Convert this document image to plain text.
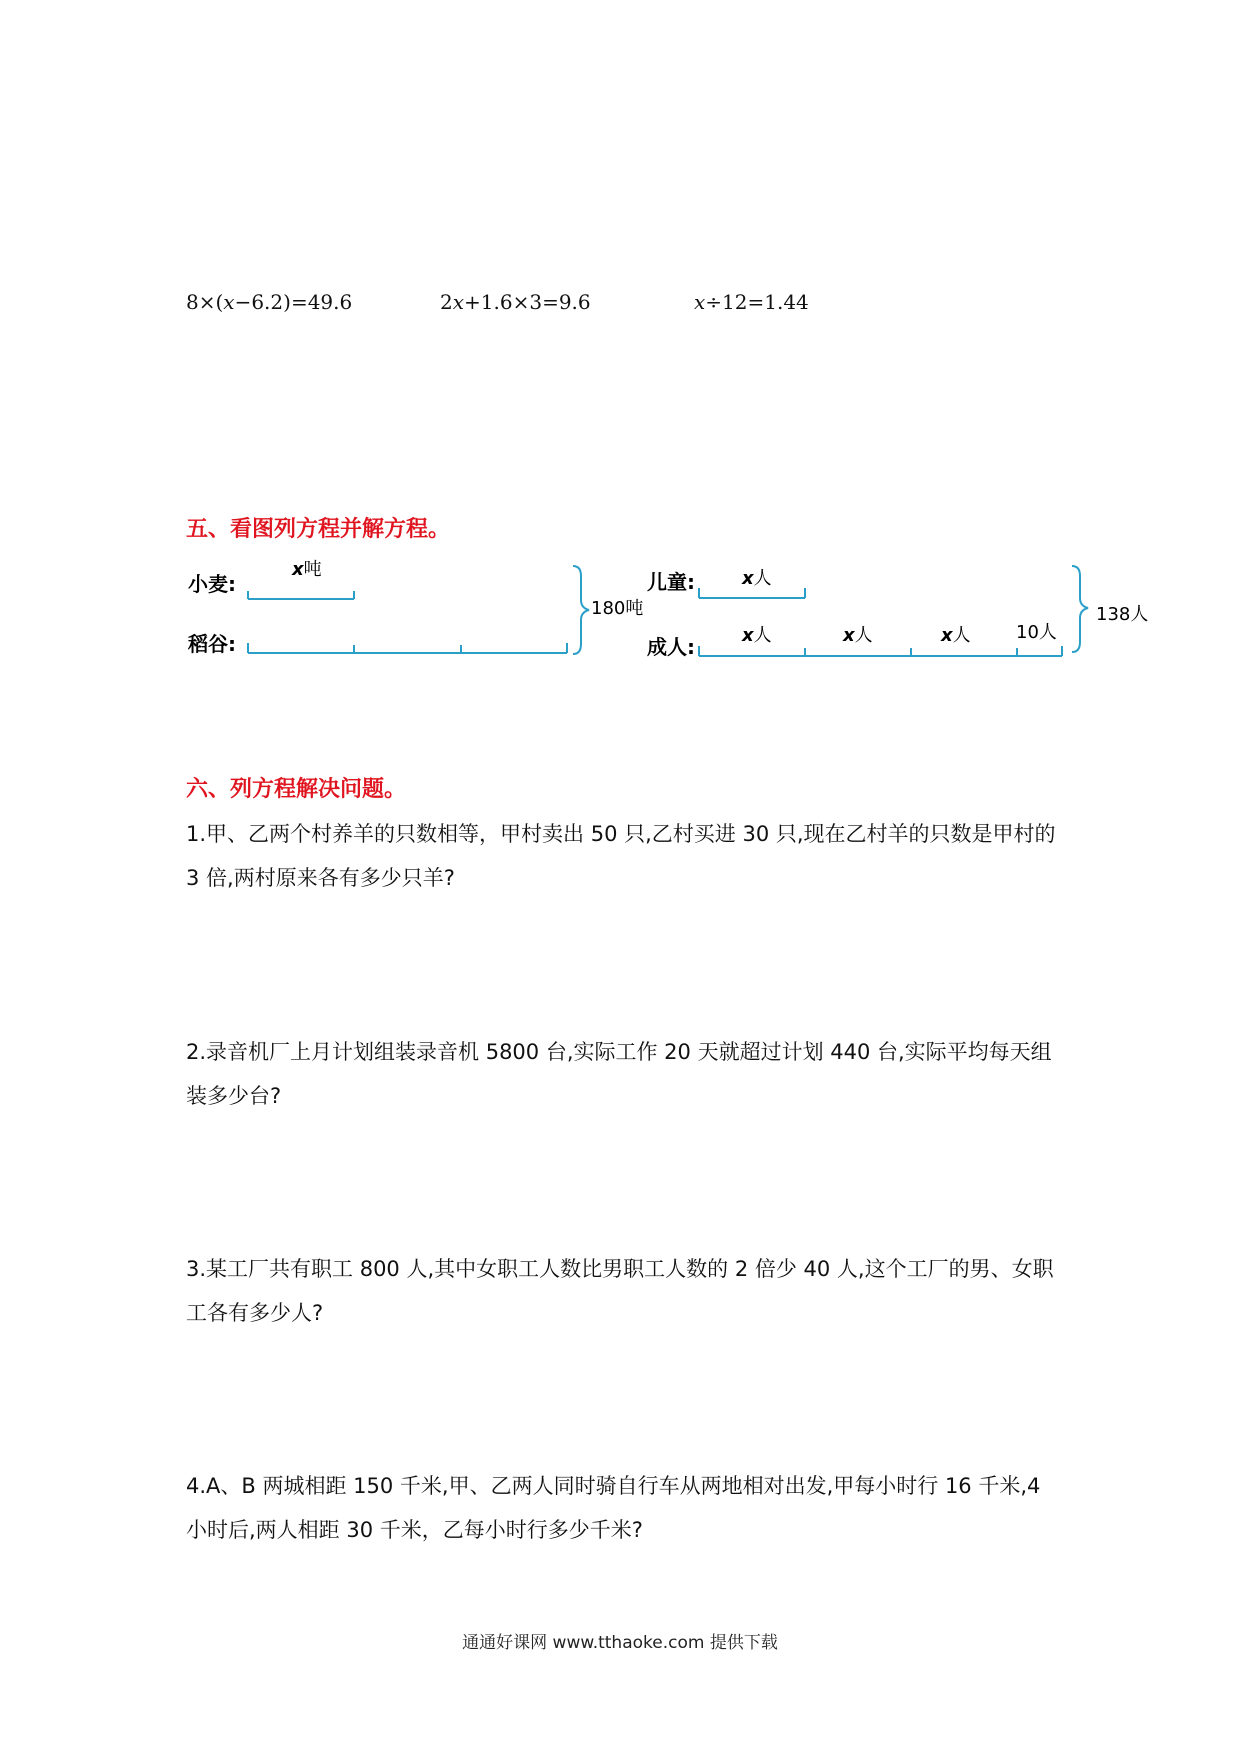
8×(x−6.2)=49.6	2x+1.6×3=9.6	x÷12=1.44
五、看图列方程并解方程。
小麦:
稻谷:
x吨
180吨
儿童:
成人:
x人
x人	x人	x人	10人
138人
六、列方程解决问题。
1.甲、乙两个村养羊的只数相等，甲村卖出 50 只,乙村买进 30 只,现在乙村羊的只数是甲村的 3 倍,两村原来各有多少只羊?
2.录音机厂上月计划组装录音机 5800 台,实际工作 20 天就超过计划 440 台,实际平均每天组装多少台?
3.某工厂共有职工 800 人,其中女职工人数比男职工人数的 2 倍少 40 人,这个工厂的男、女职工各有多少人?
4.A、B 两城相距 150 千米,甲、乙两人同时骑自行车从两地相对出发,甲每小时行 16 千米,4 小时后,两人相距 30 千米，乙每小时行多少千米?
通通好课网 www.tthaoke.com 提供下载
